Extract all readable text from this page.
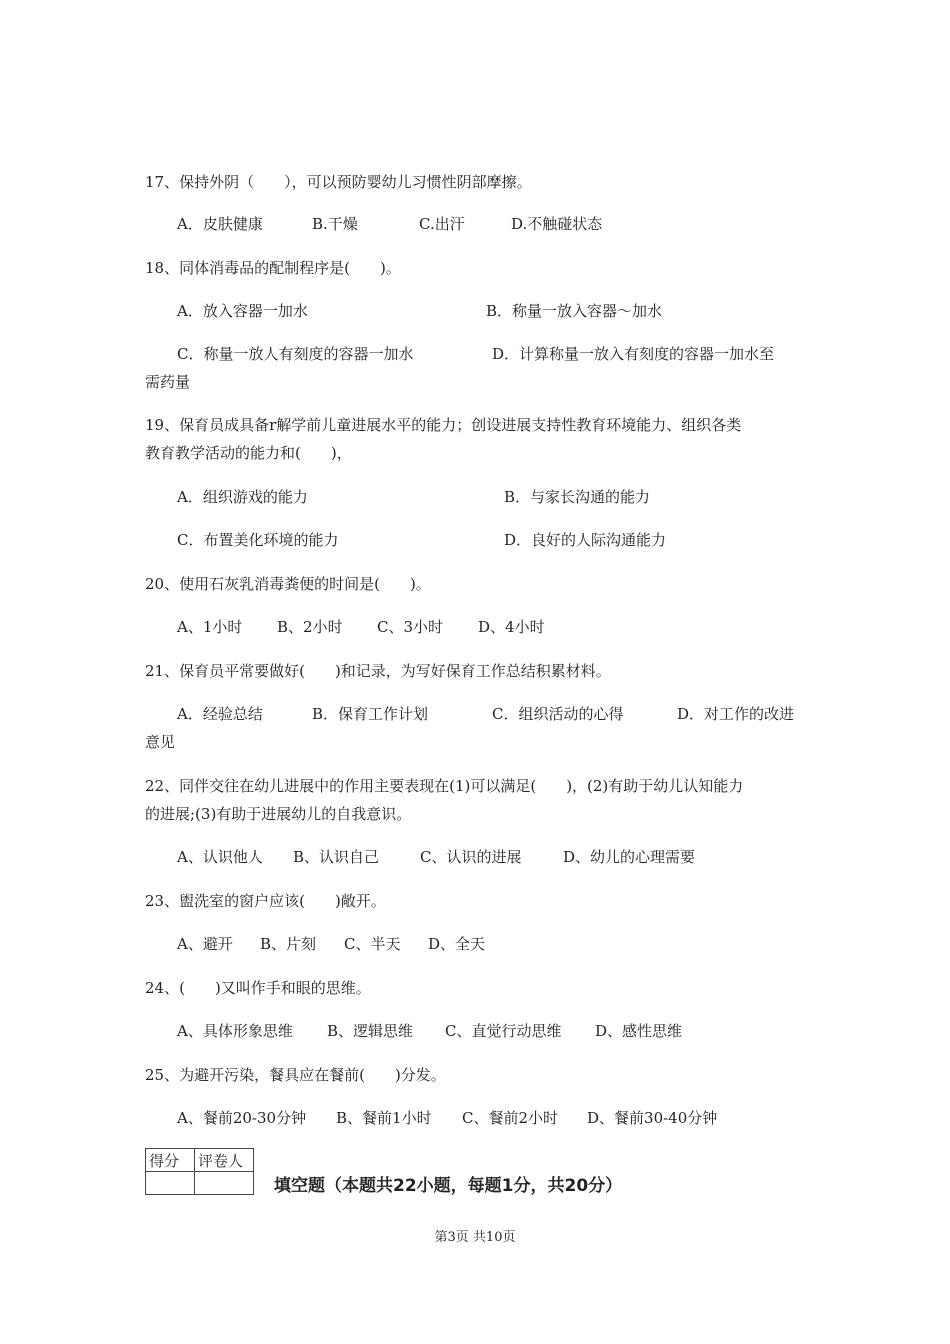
17、保持外阴（　　），可以预防婴幼儿习惯性阴部摩擦。
A．皮肤健康	B.干燥	C.出汗	D.不触碰状态
18、同体消毒品的配制程序是(　　)。
A．放入容器一加水	B．称量一放入容器～加水
C．称量一放人有刻度的容器一加水	D．计算称量一放入有刻度的容器一加水至
需药量
19、保育员成具备r解学前儿童进展水平的能力；创设进展支持性教育环境能力、组织各类
教育教学活动的能力和(　　)，
A．组织游戏的能力	B．与家长沟通的能力
C．布置美化环境的能力	D．良好的人际沟通能力
20、使用石灰乳消毒粪便的时间是(　　)。
A、1小时 B、2小时 C、3小时 D、4小时
21、保育员平常要做好(　　)和记录，为写好保育工作总结积累材料。
A．经验总结	B．保育工作计划	C．组织活动的心得	D．对工作的改进
意见
22、同伴交往在幼儿进展中的作用主要表现在(1)可以满足(　　)，(2)有助于幼儿认知能力
的进展;(3)有助于进展幼儿的自我意识。
A、认识他人 B、认识自己	C、认识的进展	D、幼儿的心理需要
23、盥洗室的窗户应该(　　)敞开。
A、避开 B、片刻 C、半天 D、全天
24、(　　)又叫作手和眼的思维。
A、具体形象思维 B、逻辑思维 C、直觉行动思维 D、感性思维
25、为避开污染，餐具应在餐前(　　)分发。
A、餐前20-30分钟 B、餐前1小时 C、餐前2小时 D、餐前30-40分钟
得分	评卷人

填空题（本题共22小题，每题1分，共20分）
第3页 共10页
